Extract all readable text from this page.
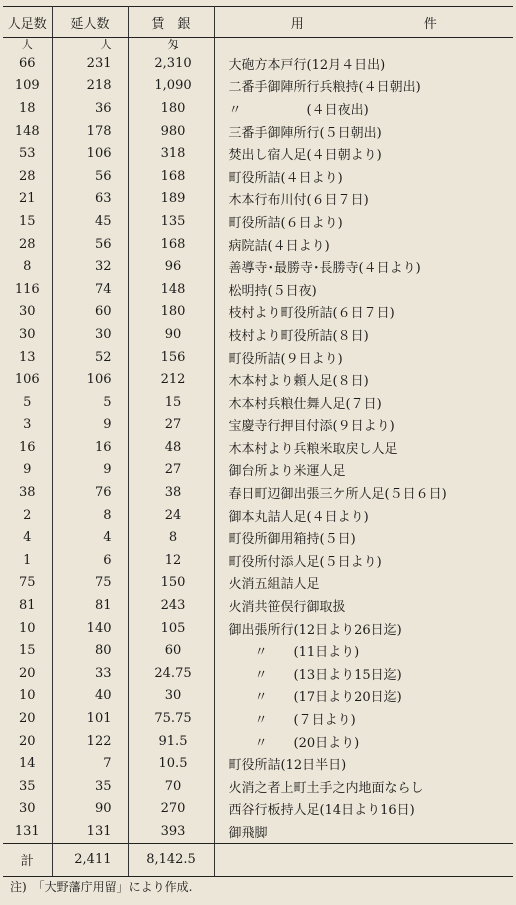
人足数	延人数	賃　銀	用 件
人	人	匁	
66	231	2,310	大砲方本戸行(12月４日出)
109	218	1,090	二番手御陣所行兵粮持(４日朝出)
18	36	180	〃　　　　　(４日夜出)
148	178	980	三番手御陣所行(５日朝出)
53	106	318	焚出し宿人足(４日朝より)
28	56	168	町役所詰(４日より)
21	63	189	木本行布川付(６日７日)
15	45	135	町役所詰(６日より)
28	56	168	病院詰(４日より)
8	32	96	善導寺･最勝寺･長勝寺(４日より)
116	74	148	松明持(５日夜)
30	60	180	枝村より町役所詰(６日７日)
30	30	90	枝村より町役所詰(８日)
13	52	156	町役所詰(９日より)
106	106	212	木本村より頼人足(８日)
5	5	15	木本村兵粮仕舞人足(７日)
3	9	27	宝慶寺行押目付添(９日より)
16	16	48	木本村より兵粮米取戻し人足
9	9	27	御台所より米運人足
38	76	38	春日町辺御出張三ケ所人足(５日６日)
2	8	24	御本丸詰人足(４日より)
4	4	8	町役所御用箱持(５日)
1	6	12	町役所付添人足(５日より)
75	75	150	火消五組詰人足
81	81	243	火消共笹俣行御取扱
10	140	105	御出張所行(12日より26日迄)
15	80	60	　　〃　　(11日より)
20	33	24.75	　　〃　　(13日より15日迄)
10	40	30	　　〃　　(17日より20日迄)
20	101	75.75	　　〃　　(７日より)
20	122	91.5	　　〃　　(20日より)
14	7	10.5	町役所詰(12日半日)
35	35	70	火消之者上町土手之内地面ならし
30	90	270	西谷行板持人足(14日より16日)
131	131	393	御飛脚
計	2,411	8,142.5	
注)　「大野藩庁用留」により作成.
